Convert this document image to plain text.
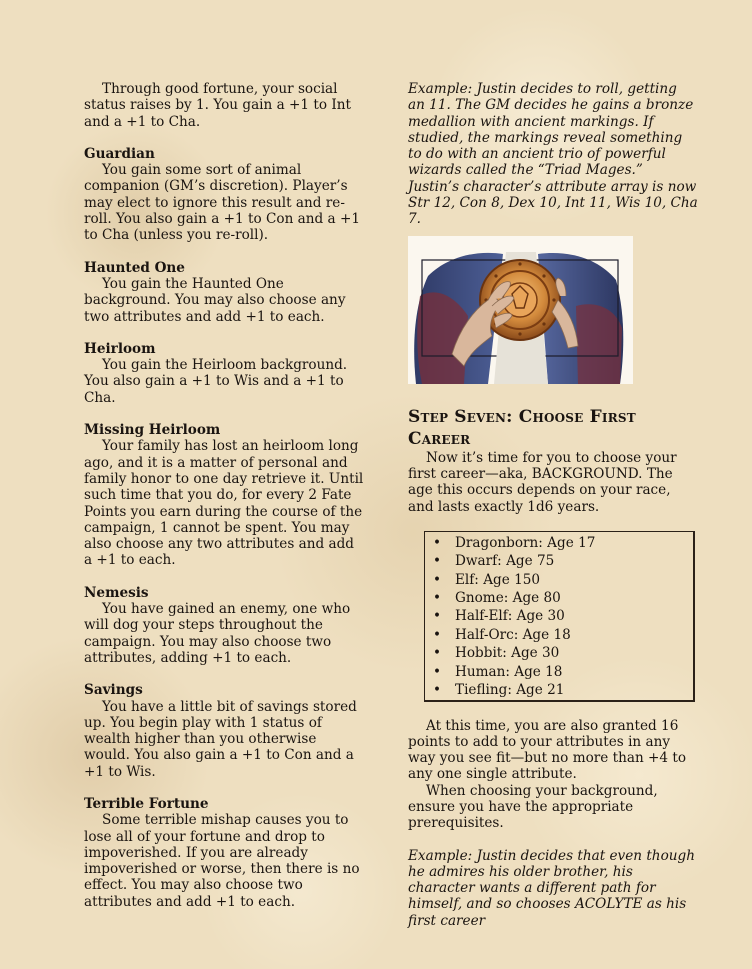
Through good fortune, your social status raises by 1. You gain a +1 to Int and a +1 to Cha.

Guardian

You gain some sort of animal companion (GM’s discretion). Player’s may elect to ignore this result and re-roll. You also gain a +1 to Con and a +1 to Cha (unless you re-roll).

Haunted One

You gain the Haunted One background. You may also choose any two attributes and add +1 to each.

Heirloom

You gain the Heirloom background. You also gain a +1 to Wis and a +1 to Cha.

Missing Heirloom

Your family has lost an heirloom long ago, and it is a matter of personal and family honor to one day retrieve it. Until such time that you do, for every 2 Fate Points you earn during the course of the campaign, 1 cannot be spent. You may also choose any two attributes and add a +1 to each.

Nemesis

You have gained an enemy, one who will dog your steps throughout the campaign. You may also choose two attributes, adding +1 to each.

Savings

You have a little bit of savings stored up. You begin play with 1 status of wealth higher than you otherwise would. You also gain a +1 to Con and a +1 to Wis.

Terrible Fortune

Some terrible mishap causes you to lose all of your fortune and drop to impoverished. If you are already impoverished or worse, then there is no effect. You may also choose two attributes and add +1 to each.

Example: Justin decides to roll, getting an 11. The GM decides he gains a bronze medallion with ancient markings. If studied, the markings reveal something to do with an ancient trio of powerful wizards called the “Triad Mages.” Justin’s character’s attribute array is now Str 12, Con 8, Dex 10, Int 11, Wis 10, Cha 7.

Step Seven: Choose First Career

Now it’s time for you to choose your first career—aka, BACKGROUND. The age this occurs depends on your race, and lasts exactly 1d6 years.

• Dragonborn: Age 17
• Dwarf: Age 75
• Elf: Age 150
• Gnome: Age 80
• Half-Elf: Age 30
• Half-Orc: Age 18
• Hobbit: Age 30
• Human: Age 18
• Tiefling: Age 21

At this time, you are also granted 16 points to add to your attributes in any way you see fit—but no more than +4 to any one single attribute.

When choosing your background, ensure you have the appropriate prerequisites.

Example: Justin decides that even though he admires his older brother, his character wants a different path for himself, and so chooses ACOLYTE as his first career
